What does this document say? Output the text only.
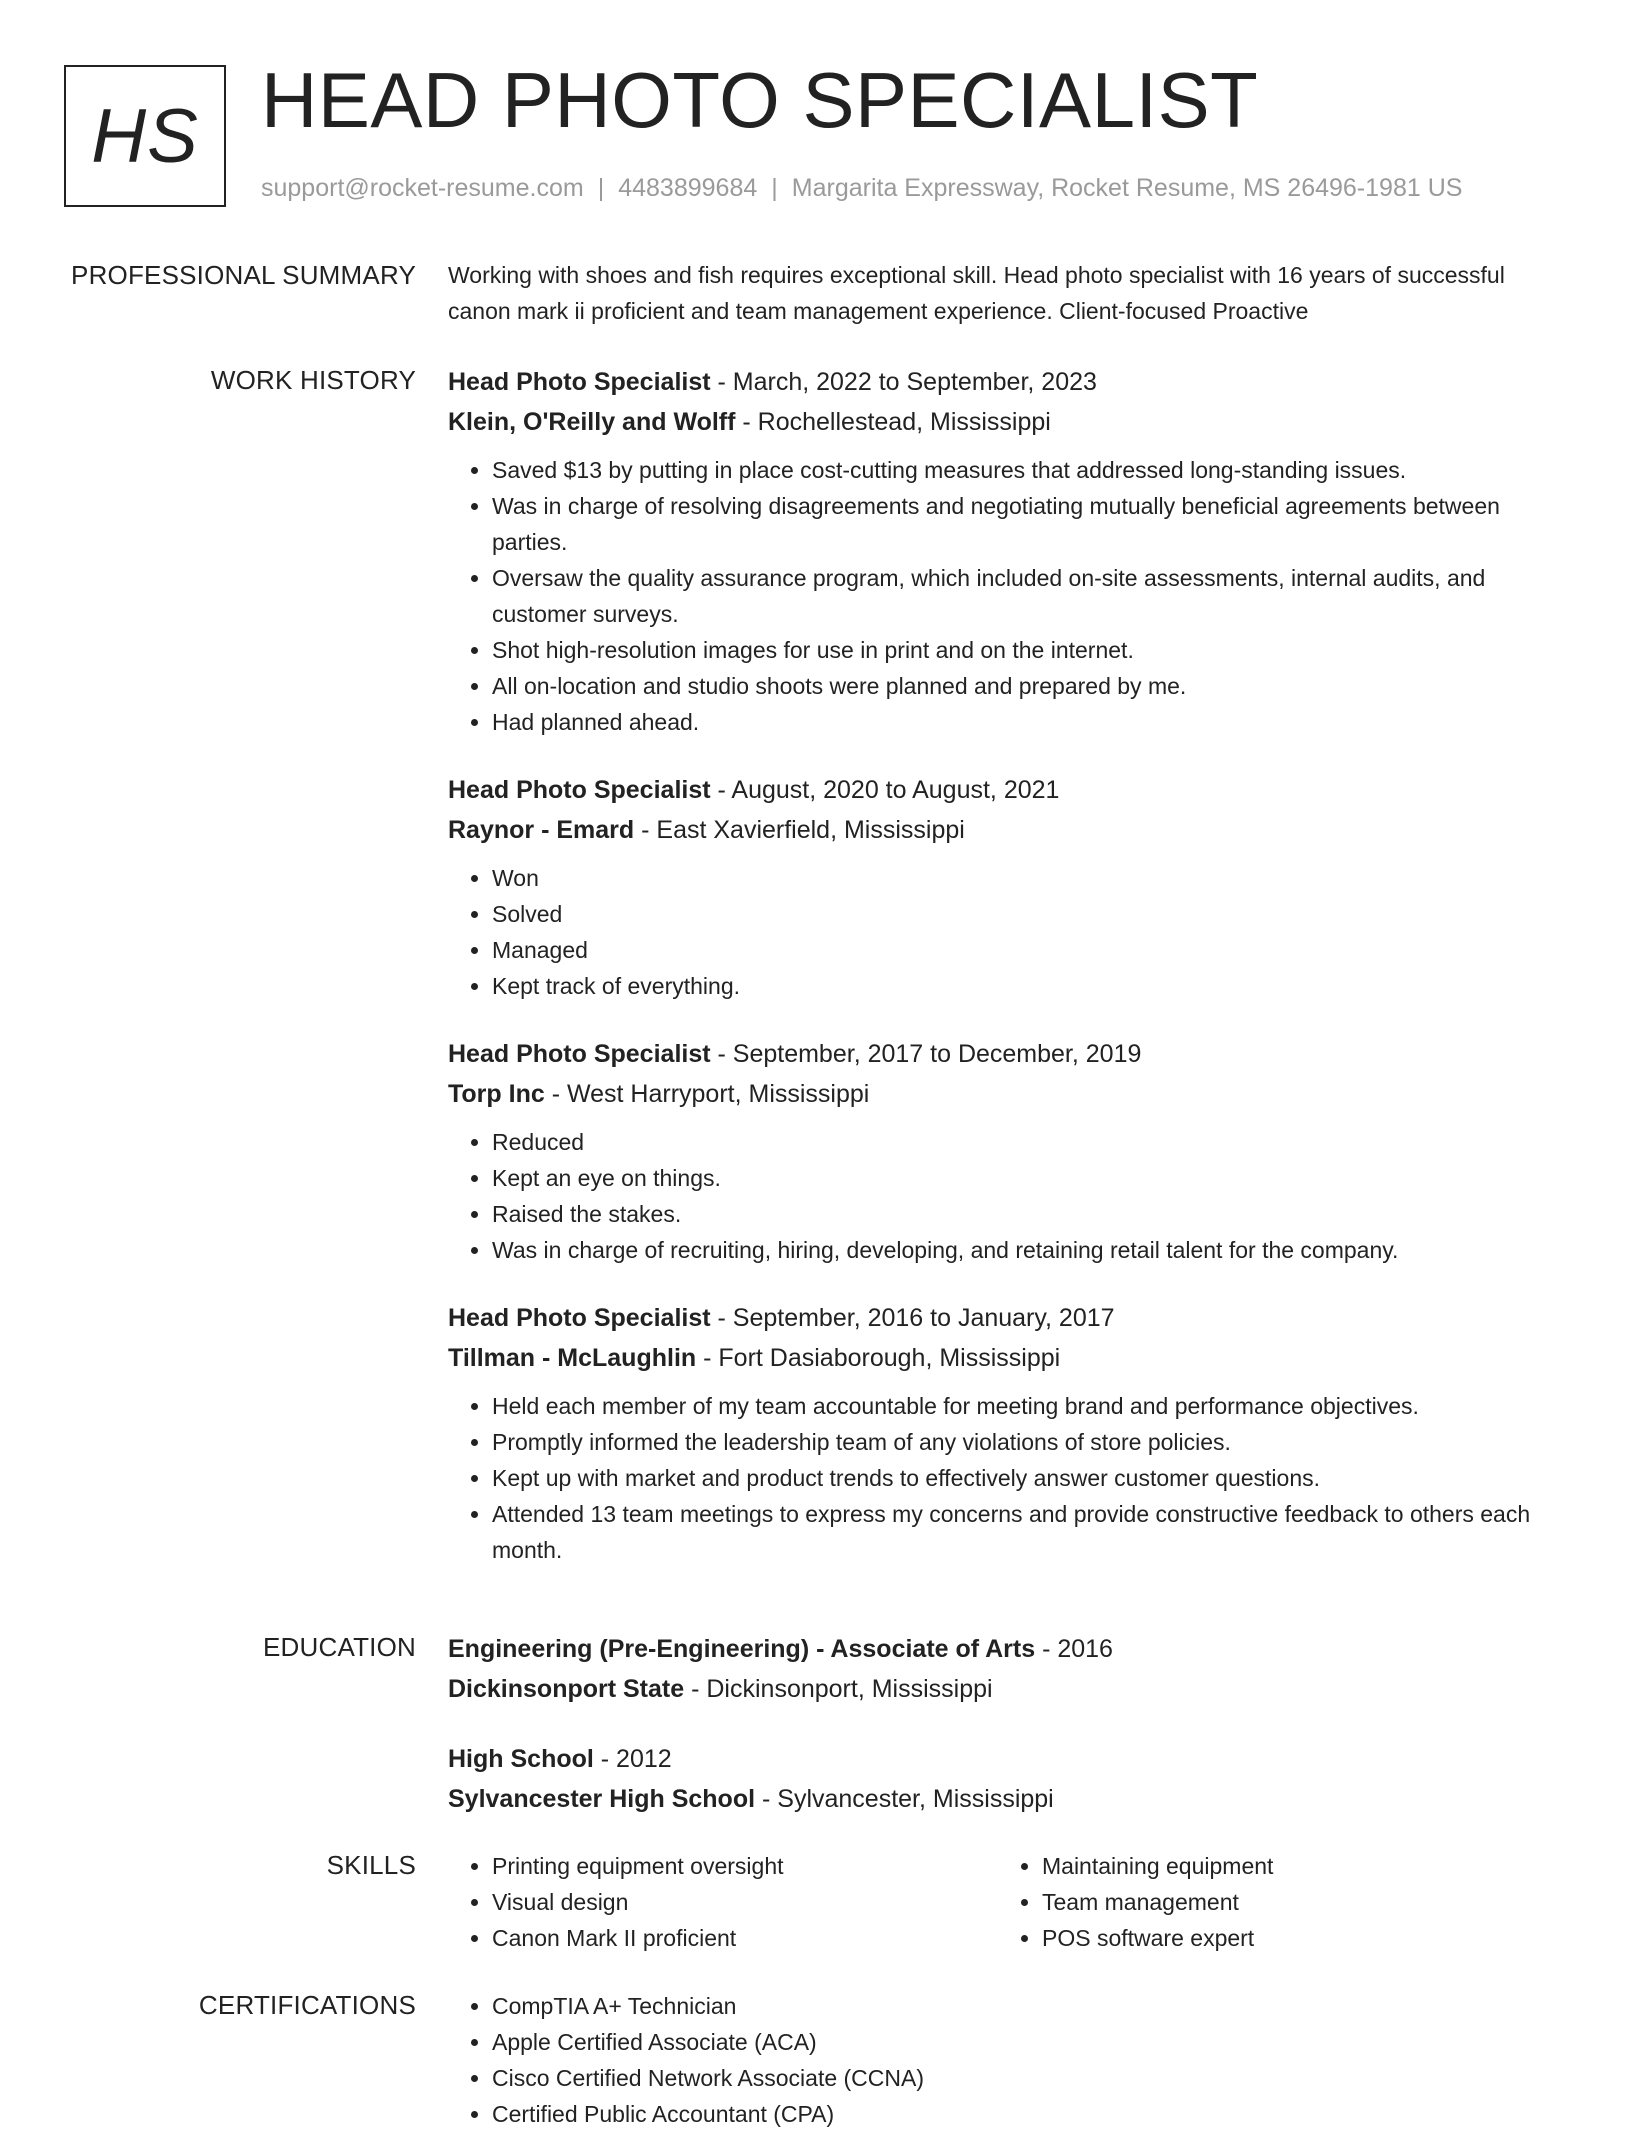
HS HEAD PHOTO SPECIALIST
support@rocket-resume.com | 4483899684 | Margarita Expressway, Rocket Resume, MS 26496-1981 US
PROFESSIONAL SUMMARY Working with shoes and fish requires exceptional skill. Head photo specialist with 16 years of successful canon mark ii proficient and team management experience. Client-focused Proactive

WORK HISTORY Head Photo Specialist - March, 2022 to September, 2023
Klein, O'Reilly and Wolff - Rochellestead, Mississippi
• Saved $13 by putting in place cost-cutting measures that addressed long-standing issues.
• Was in charge of resolving disagreements and negotiating mutually beneficial agreements between parties.
• Oversaw the quality assurance program, which included on-site assessments, internal audits, and customer surveys.
• Shot high-resolution images for use in print and on the internet.
• All on-location and studio shoots were planned and prepared by me.
• Had planned ahead.
Head Photo Specialist - August, 2020 to August, 2021
Raynor - Emard - East Xavierfield, Mississippi
• Won
• Solved
• Managed
• Kept track of everything.
Head Photo Specialist - September, 2017 to December, 2019
Torp Inc - West Harryport, Mississippi
• Reduced
• Kept an eye on things.
• Raised the stakes.
• Was in charge of recruiting, hiring, developing, and retaining retail talent for the company.
Head Photo Specialist - September, 2016 to January, 2017
Tillman - McLaughlin - Fort Dasiaborough, Mississippi
• Held each member of my team accountable for meeting brand and performance objectives.
• Promptly informed the leadership team of any violations of store policies.
• Kept up with market and product trends to effectively answer customer questions.
• Attended 13 team meetings to express my concerns and provide constructive feedback to others each month.
EDUCATION Engineering (Pre-Engineering) - Associate of Arts - 2016
Dickinsonport State - Dickinsonport, Mississippi
High School - 2012
Sylvancester High School - Sylvancester, Mississippi
SKILLS	• Printing equipment oversight
• Visual design
• Canon Mark II proficient
• Maintaining equipment
• Team management
• POS software expert
CERTIFICATIONS	• CompTIA A+ Technician
• Apple Certified Associate (ACA)
• Cisco Certified Network Associate (CCNA)
• Certified Public Accountant (CPA)
